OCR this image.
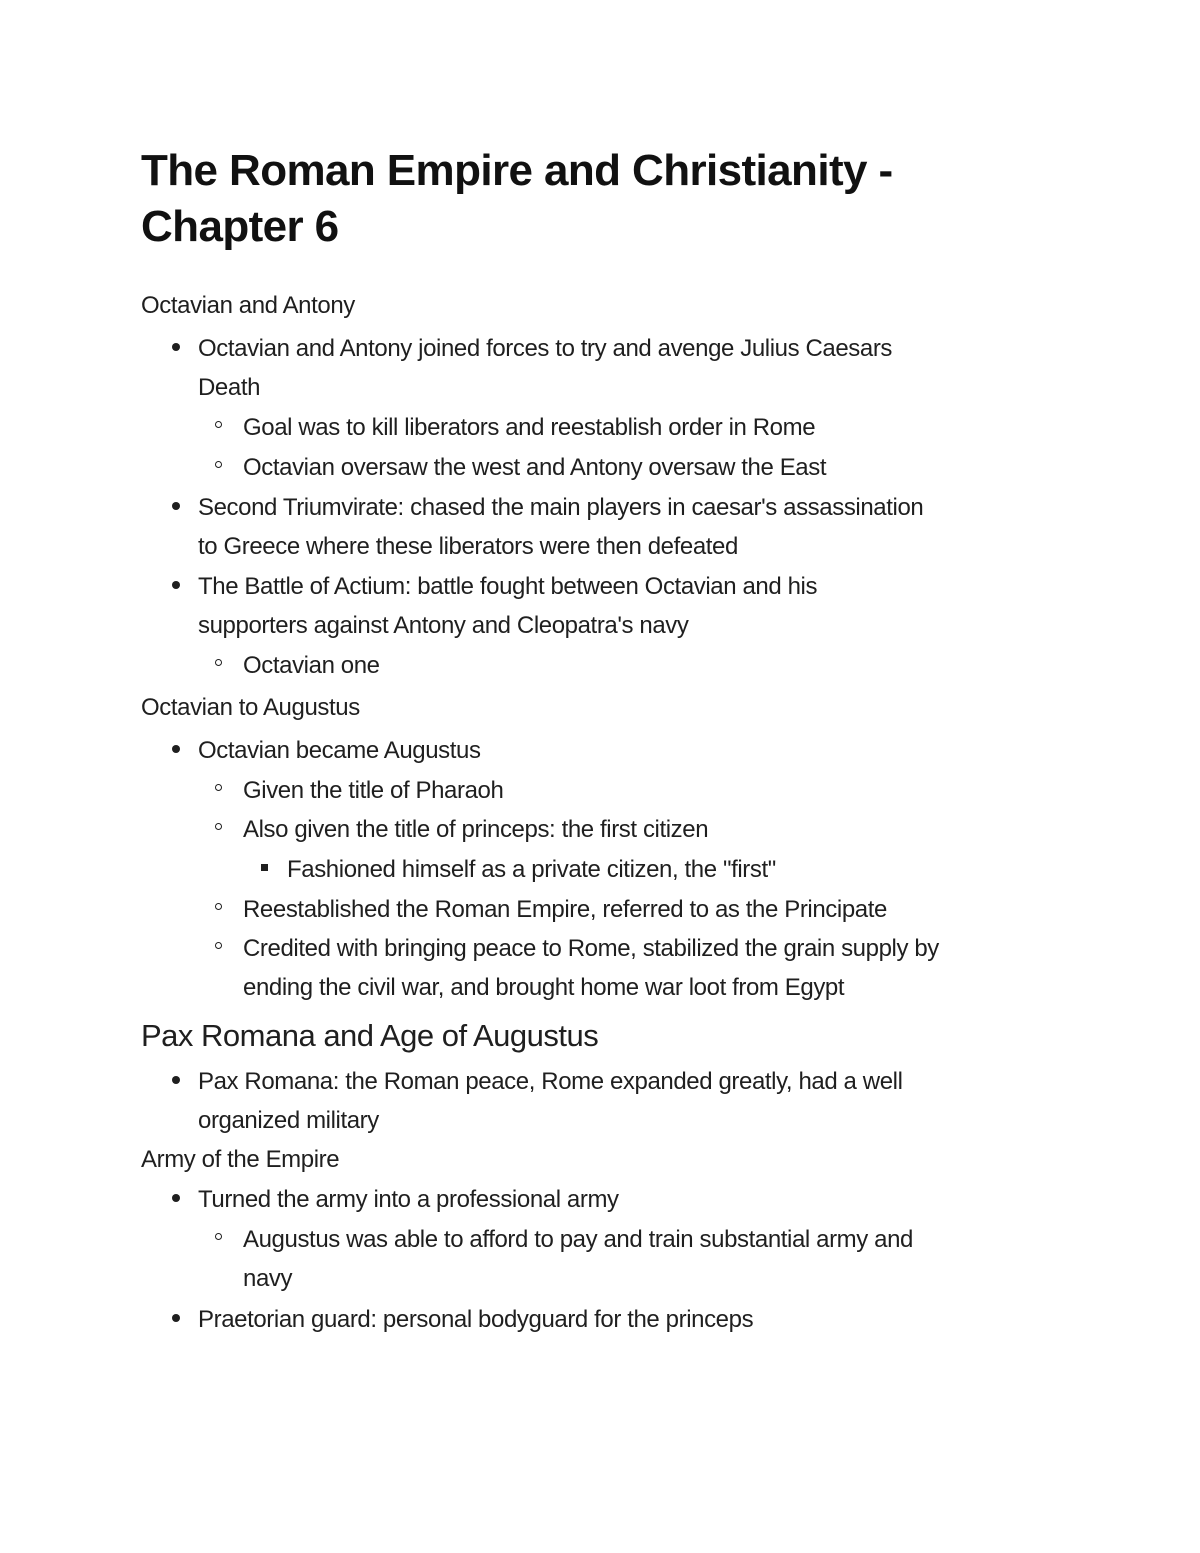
The Roman Empire and Christianity -
Chapter 6

Octavian and Antony

Octavian and Antony joined forces to try and avenge Julius Caesars

Death

Goal was to kill liberators and reestablish order in Rome

Octavian oversaw the west and Antony oversaw the East

Second Triumvirate: chased the main players in caesar's assassination

to Greece where these liberators were then defeated

The Battle of Actium: battle fought between Octavian and his

supporters against Antony and Cleopatra's navy

Octavian one

Octavian to Augustus

Octavian became Augustus

Given the title of Pharaoh

Also given the title of princeps: the first citizen

Fashioned himself as a private citizen, the "first"

Reestablished the Roman Empire, referred to as the Principate

Credited with bringing peace to Rome, stabilized the grain supply by

ending the civil war, and brought home war loot from Egypt

Pax Romana and Age of Augustus

Pax Romana: the Roman peace, Rome expanded greatly, had a well

organized military

Army of the Empire

Turned the army into a professional army

Augustus was able to afford to pay and train substantial army and

navy

Praetorian guard: personal bodyguard for the princeps
